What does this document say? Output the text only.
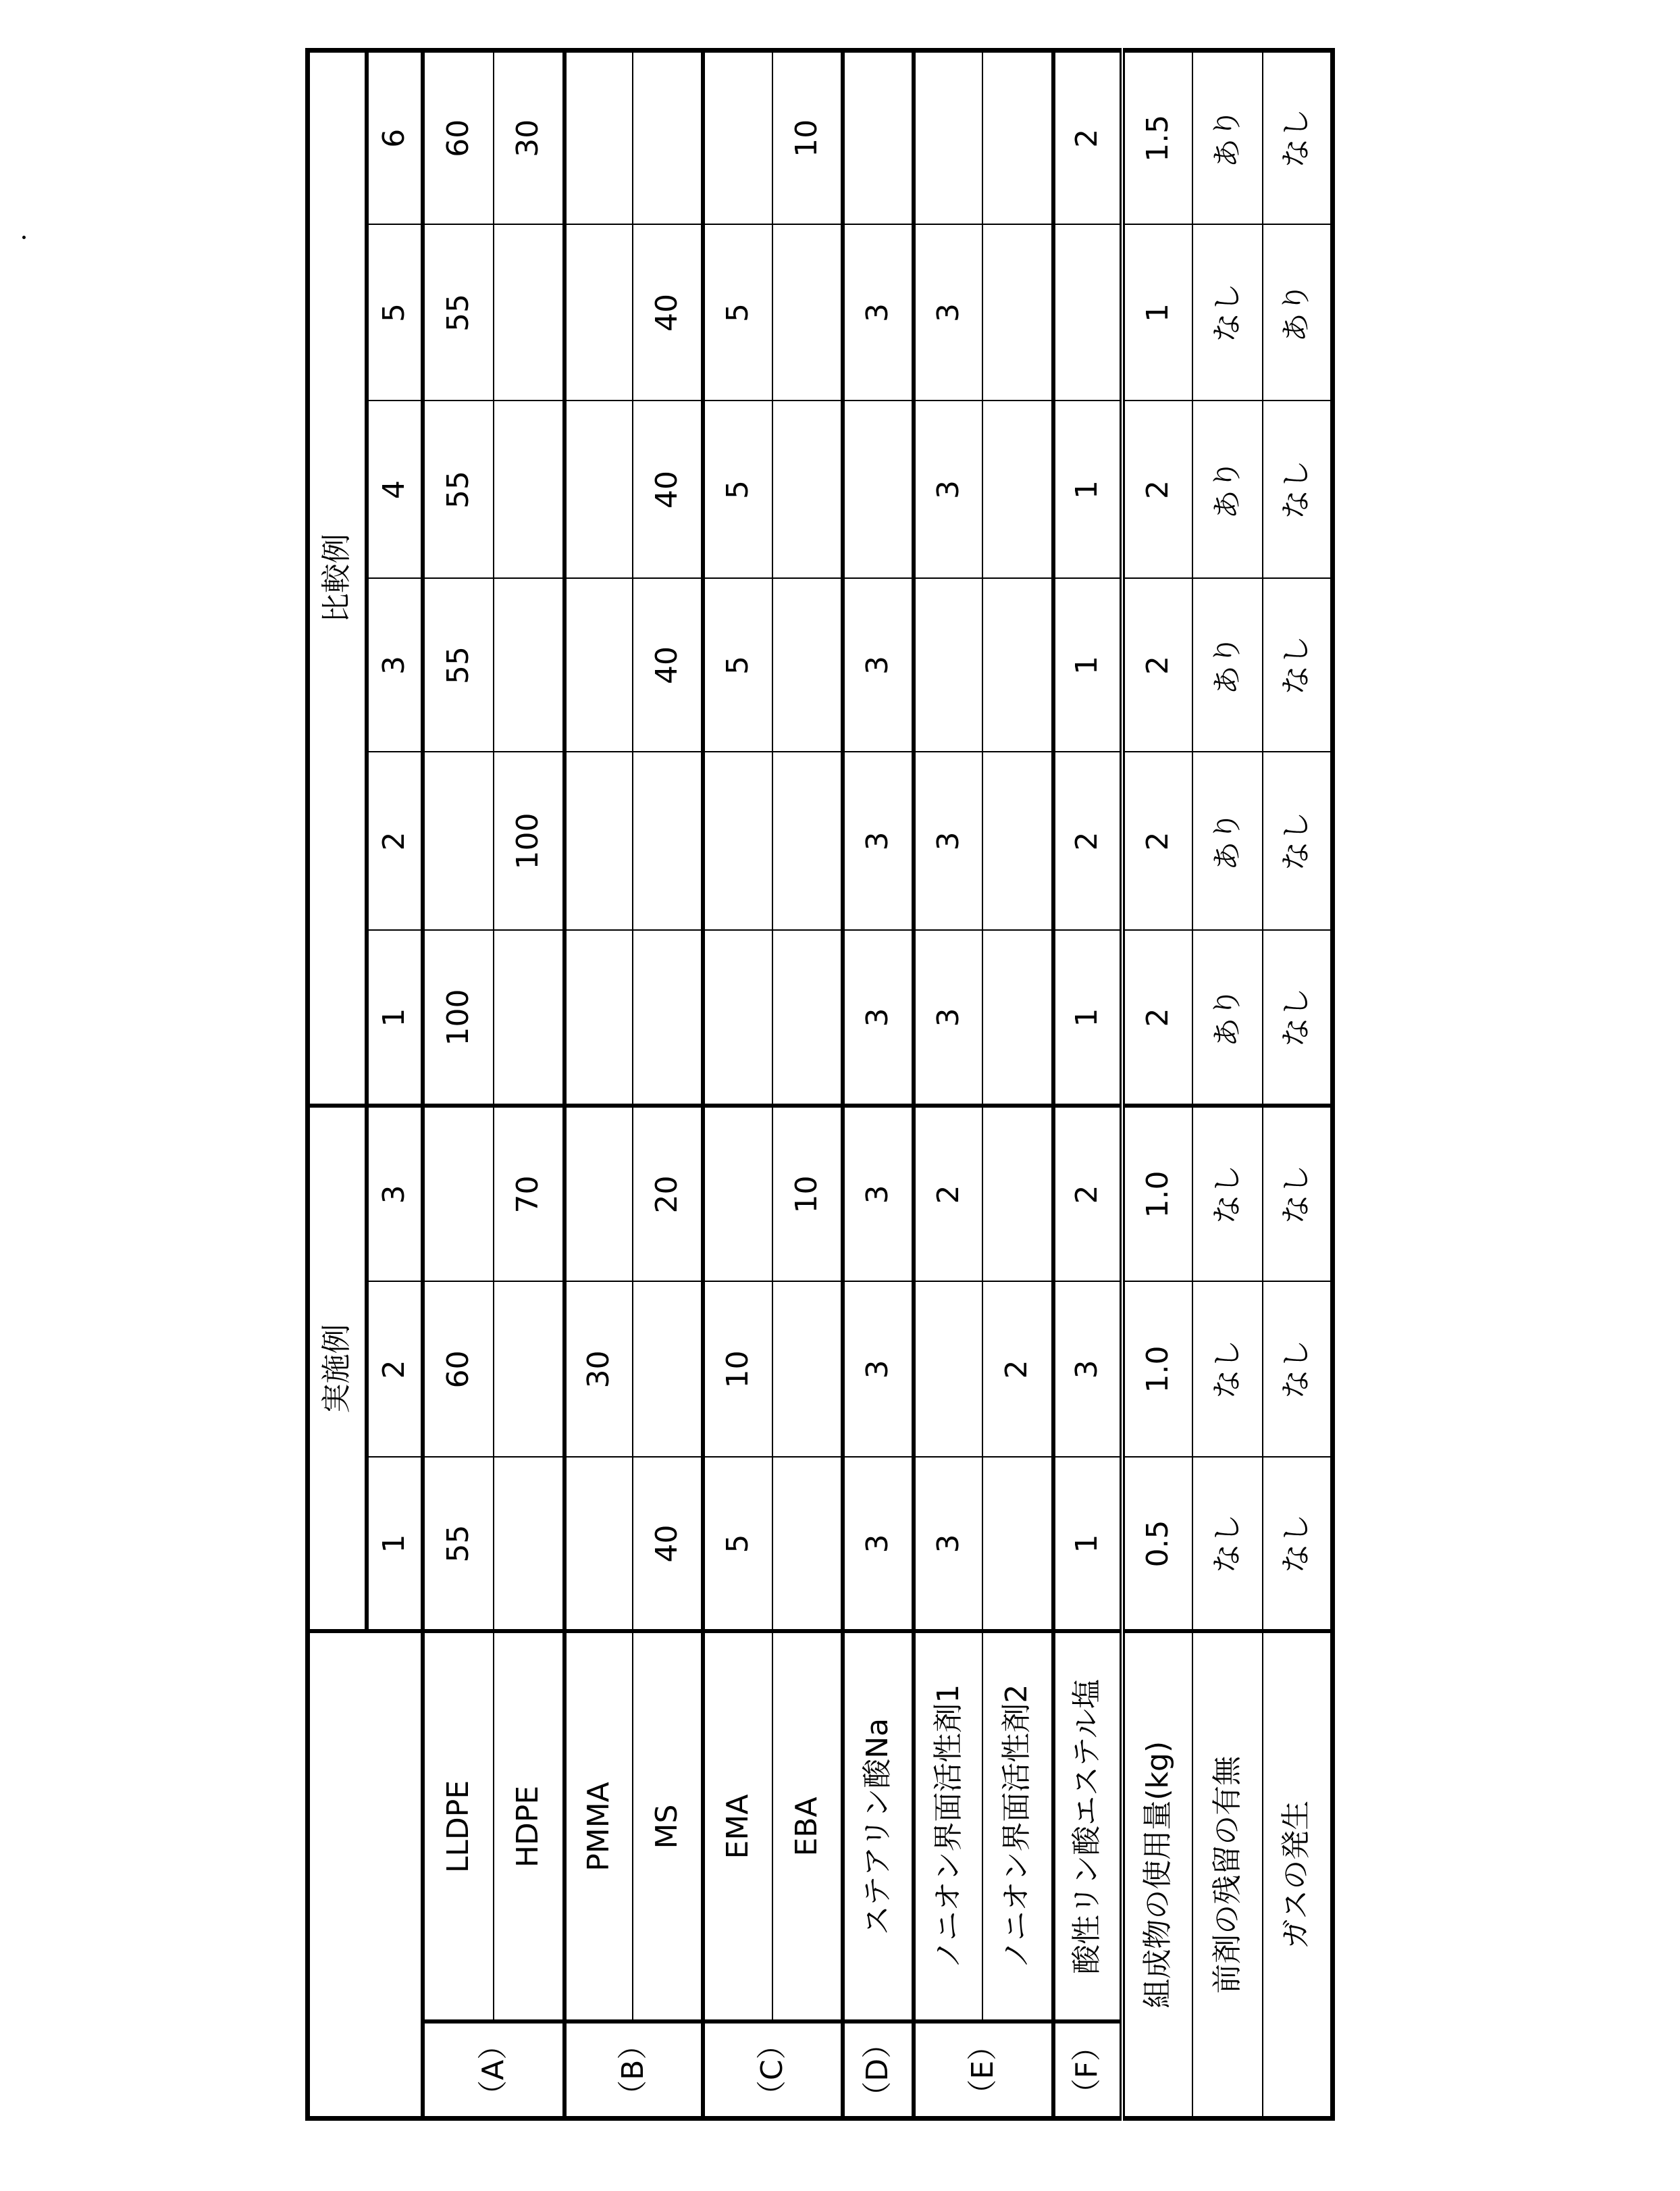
		実施例			比較例					
		1	2	3	1	2	3	4	5	6
（A）	LLDPE	55	60		100		55	55	55	60
	HDPE			70		100				30
（B）	PMMA		30							
	MS	40		20			40	40	40	
（C）	EMA	5	10				5	5	5	
	EBA			10						10
（D）	ステアリン酸Na	3	3	3	3	3	3		3	
（E）	ノニオン界面活性剤1	3		2	3	3		3	3	
	ノニオン界面活性剤2		2							
（F）	酸性リン酸エステル塩	1	3	2	1	2	1	1		2
組成物の使用量(kg)		0.5	1.0	1.0	2	2	2	2	1	1.5
前剤の残留の有無		なし	なし	なし	あり	あり	あり	あり	なし	あり
ガスの発生		なし	なし	なし	なし	なし	なし	なし	あり	なし
